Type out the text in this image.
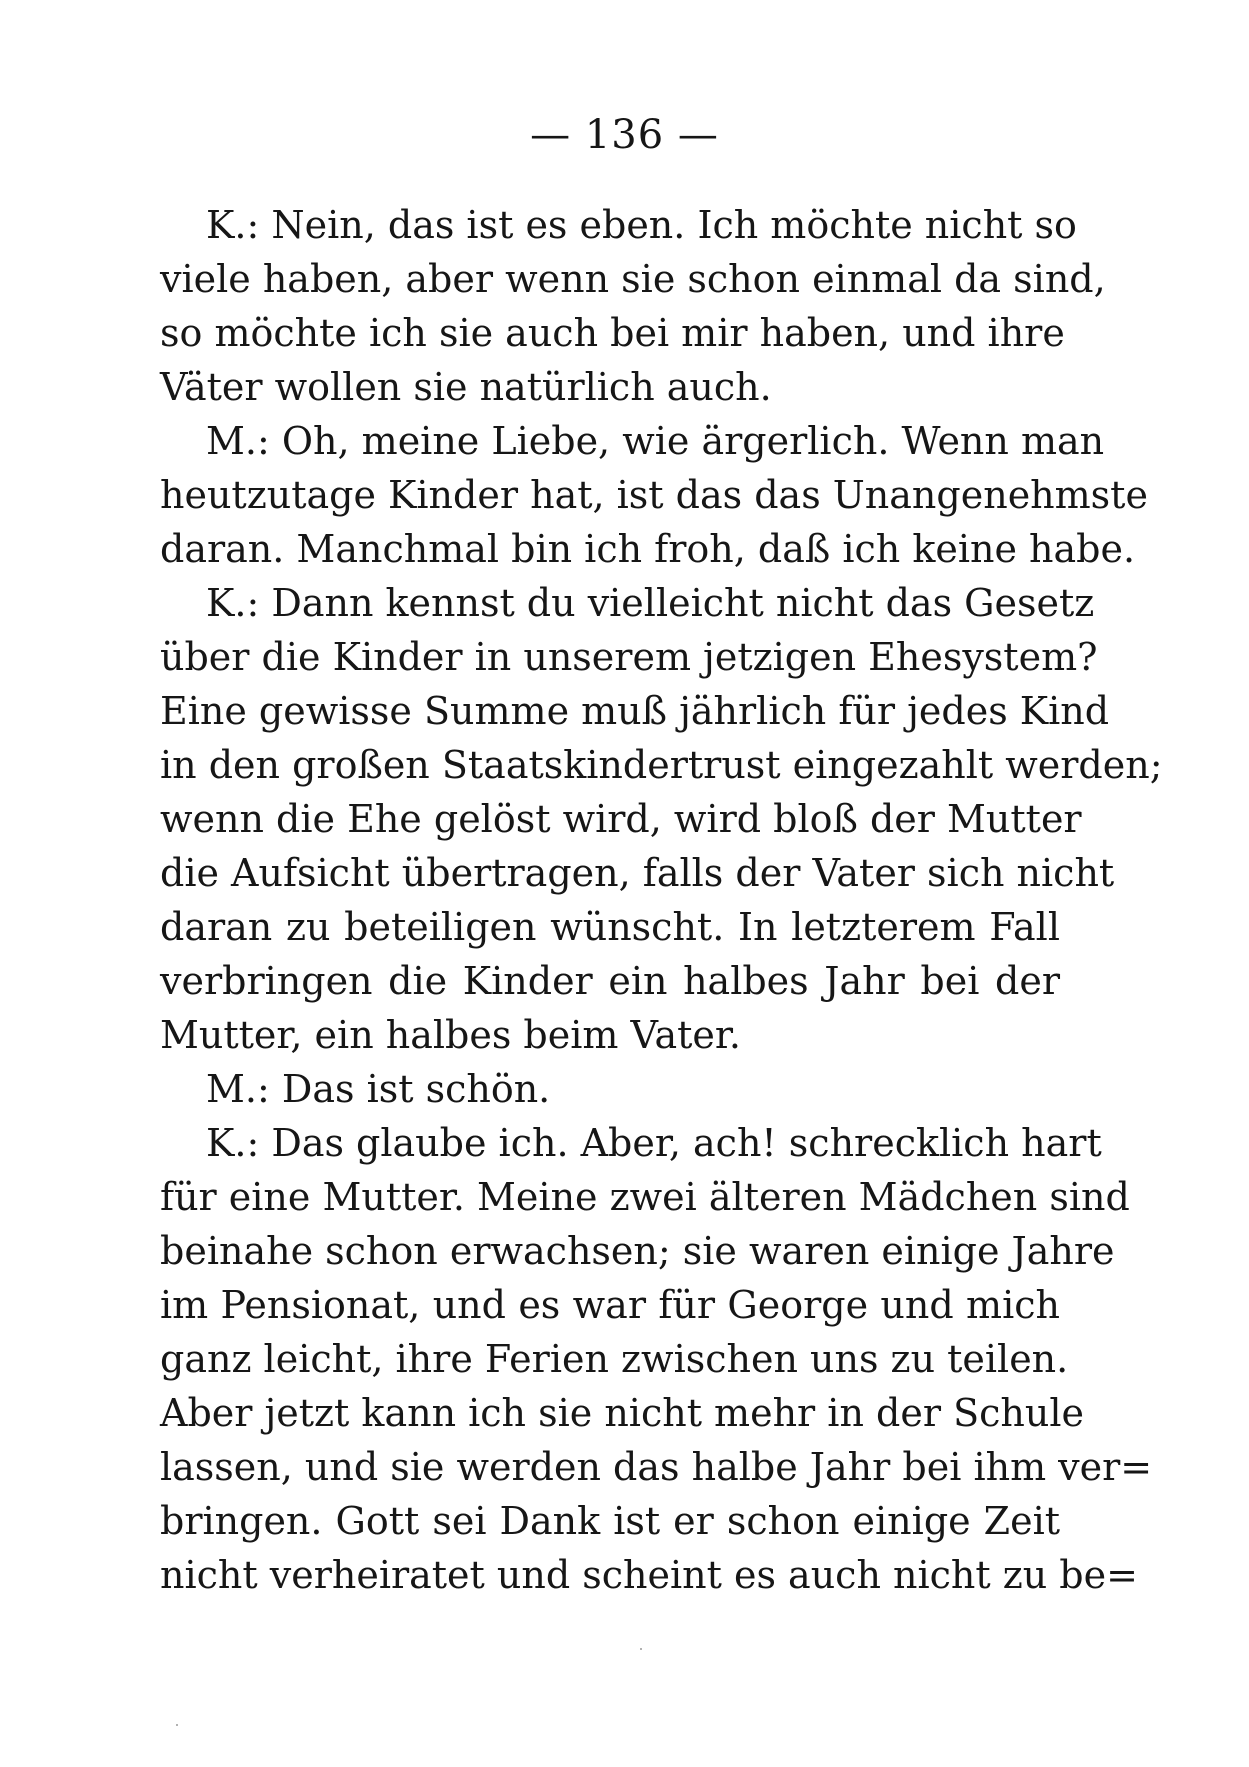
— 136 —
K.: Nein, das ist es eben. Ich möchte nicht so
viele haben, aber wenn sie schon einmal da sind,
so möchte ich sie auch bei mir haben, und ihre
Väter wollen sie natürlich auch.
M.: Oh, meine Liebe, wie ärgerlich. Wenn man
heutzutage Kinder hat, ist das das Unangenehmste
daran. Manchmal bin ich froh, daß ich keine habe.
K.: Dann kennst du vielleicht nicht das Gesetz
über die Kinder in unserem jetzigen Ehesystem?
Eine gewisse Summe muß jährlich für jedes Kind
in den großen Staatskindertrust eingezahlt werden;
wenn die Ehe gelöst wird, wird bloß der Mutter
die Aufsicht übertragen, falls der Vater sich nicht
daran zu beteiligen wünscht. In letzterem Fall
verbringen die Kinder ein halbes Jahr bei der
Mutter, ein halbes beim Vater.
M.: Das ist schön.
K.: Das glaube ich. Aber, ach! schrecklich hart
für eine Mutter. Meine zwei älteren Mädchen sind
beinahe schon erwachsen; sie waren einige Jahre
im Pensionat, und es war für George und mich
ganz leicht, ihre Ferien zwischen uns zu teilen.
Aber jetzt kann ich sie nicht mehr in der Schule
lassen, und sie werden das halbe Jahr bei ihm ver=
bringen. Gott sei Dank ist er schon einige Zeit
nicht verheiratet und scheint es auch nicht zu be=
